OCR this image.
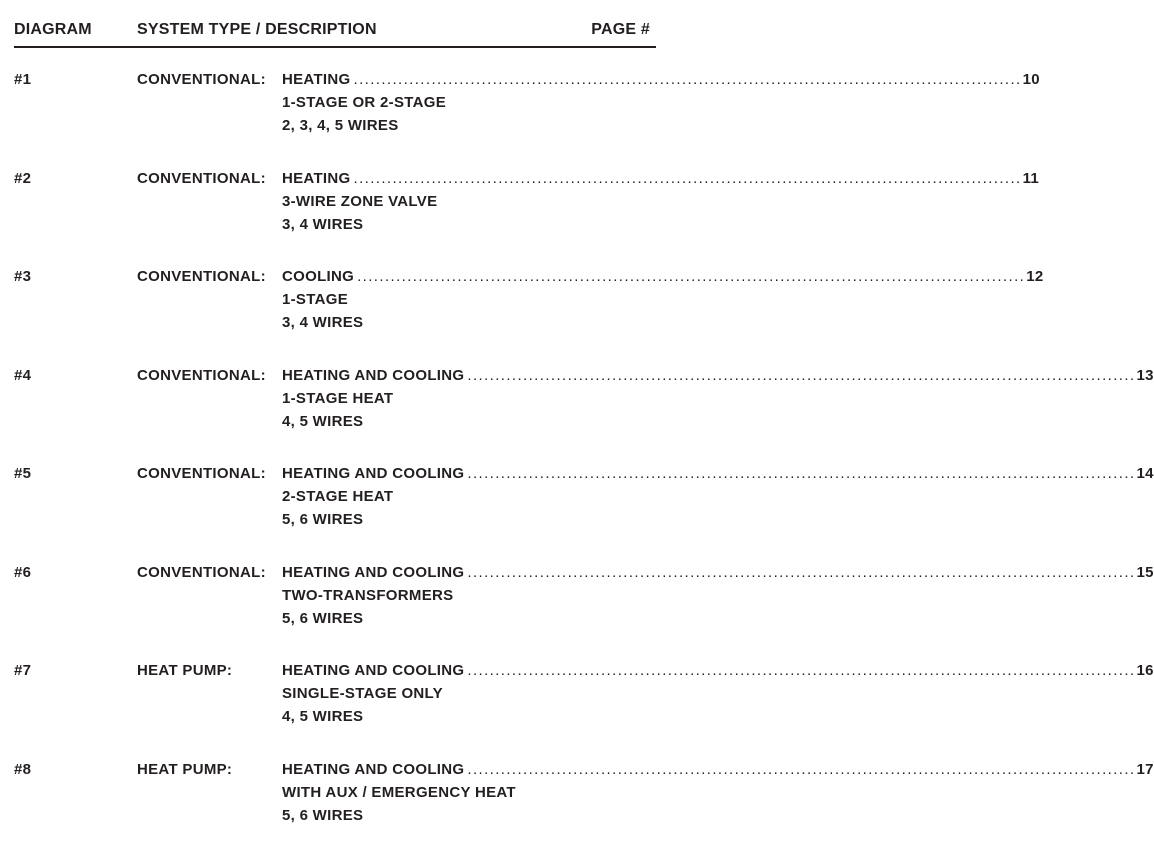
DIAGRAM	SYSTEM TYPE / DESCRIPTION	PAGE #
#1	CONVENTIONAL: HEATING ........................................................................................................................ 10
1-STAGE OR 2-STAGE
2, 3, 4, 5 WIRES
#2	CONVENTIONAL: HEATING ........................................................................................................................ 11
3-WIRE ZONE VALVE
3, 4 WIRES
#3	CONVENTIONAL: COOLING ........................................................................................................................ 12
1-STAGE
3, 4 WIRES
#4	CONVENTIONAL: HEATING AND COOLING ........................................................................................................................ 13
1-STAGE HEAT
4, 5 WIRES
#5	CONVENTIONAL: HEATING AND COOLING ........................................................................................................................ 14
2-STAGE HEAT
5, 6 WIRES
#6	CONVENTIONAL: HEATING AND COOLING ........................................................................................................................ 15
TWO-TRANSFORMERS
5, 6 WIRES
#7	HEAT PUMP:	HEATING AND COOLING ........................................................................................................................ 16
SINGLE-STAGE ONLY
4, 5 WIRES
#8	HEAT PUMP:	HEATING AND COOLING ........................................................................................................................ 17
WITH AUX / EMERGENCY HEAT
5, 6 WIRES
